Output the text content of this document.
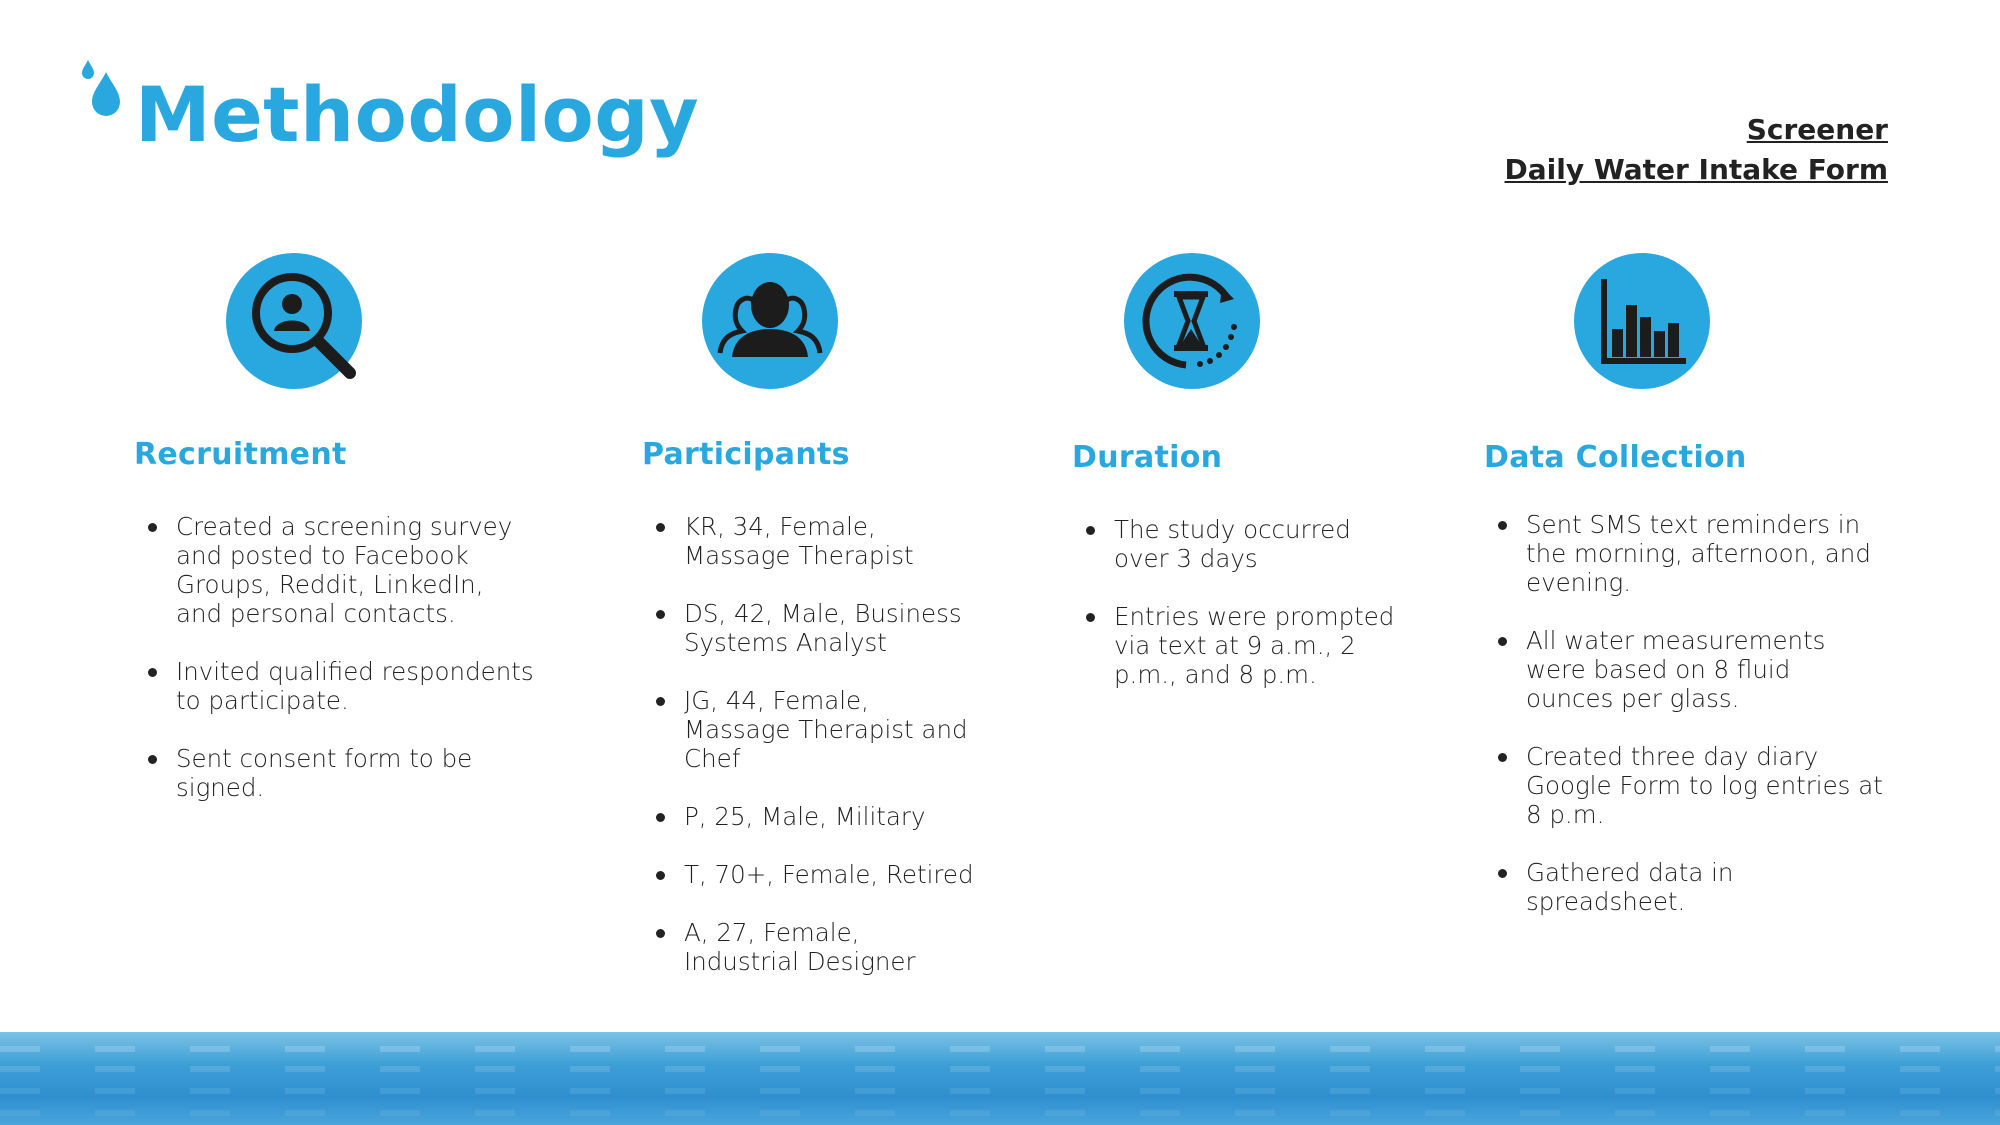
Methodology	Screener
Daily Water Intake Form
Recruitment
Created a screening survey and posted to Facebook Groups, Reddit, LinkedIn, and personal contacts.
Invited qualified respondents to participate.
Sent consent form to be signed.
Participants
KR, 34, Female, Massage Therapist
DS, 42, Male, Business Systems Analyst
JG, 44, Female, Massage Therapist and Chef
P, 25, Male, Military
T, 70+, Female, Retired
A, 27, Female, Industrial Designer
Duration
The study occurred over 3 days
Entries were prompted via text at 9 a.m., 2 p.m., and 8 p.m.
Data Collection
Sent SMS text reminders in the morning, afternoon, and evening.
All water measurements were based on 8 fluid ounces per glass.
Created three day diary Google Form to log entries at 8 p.m.
Gathered data in spreadsheet.
